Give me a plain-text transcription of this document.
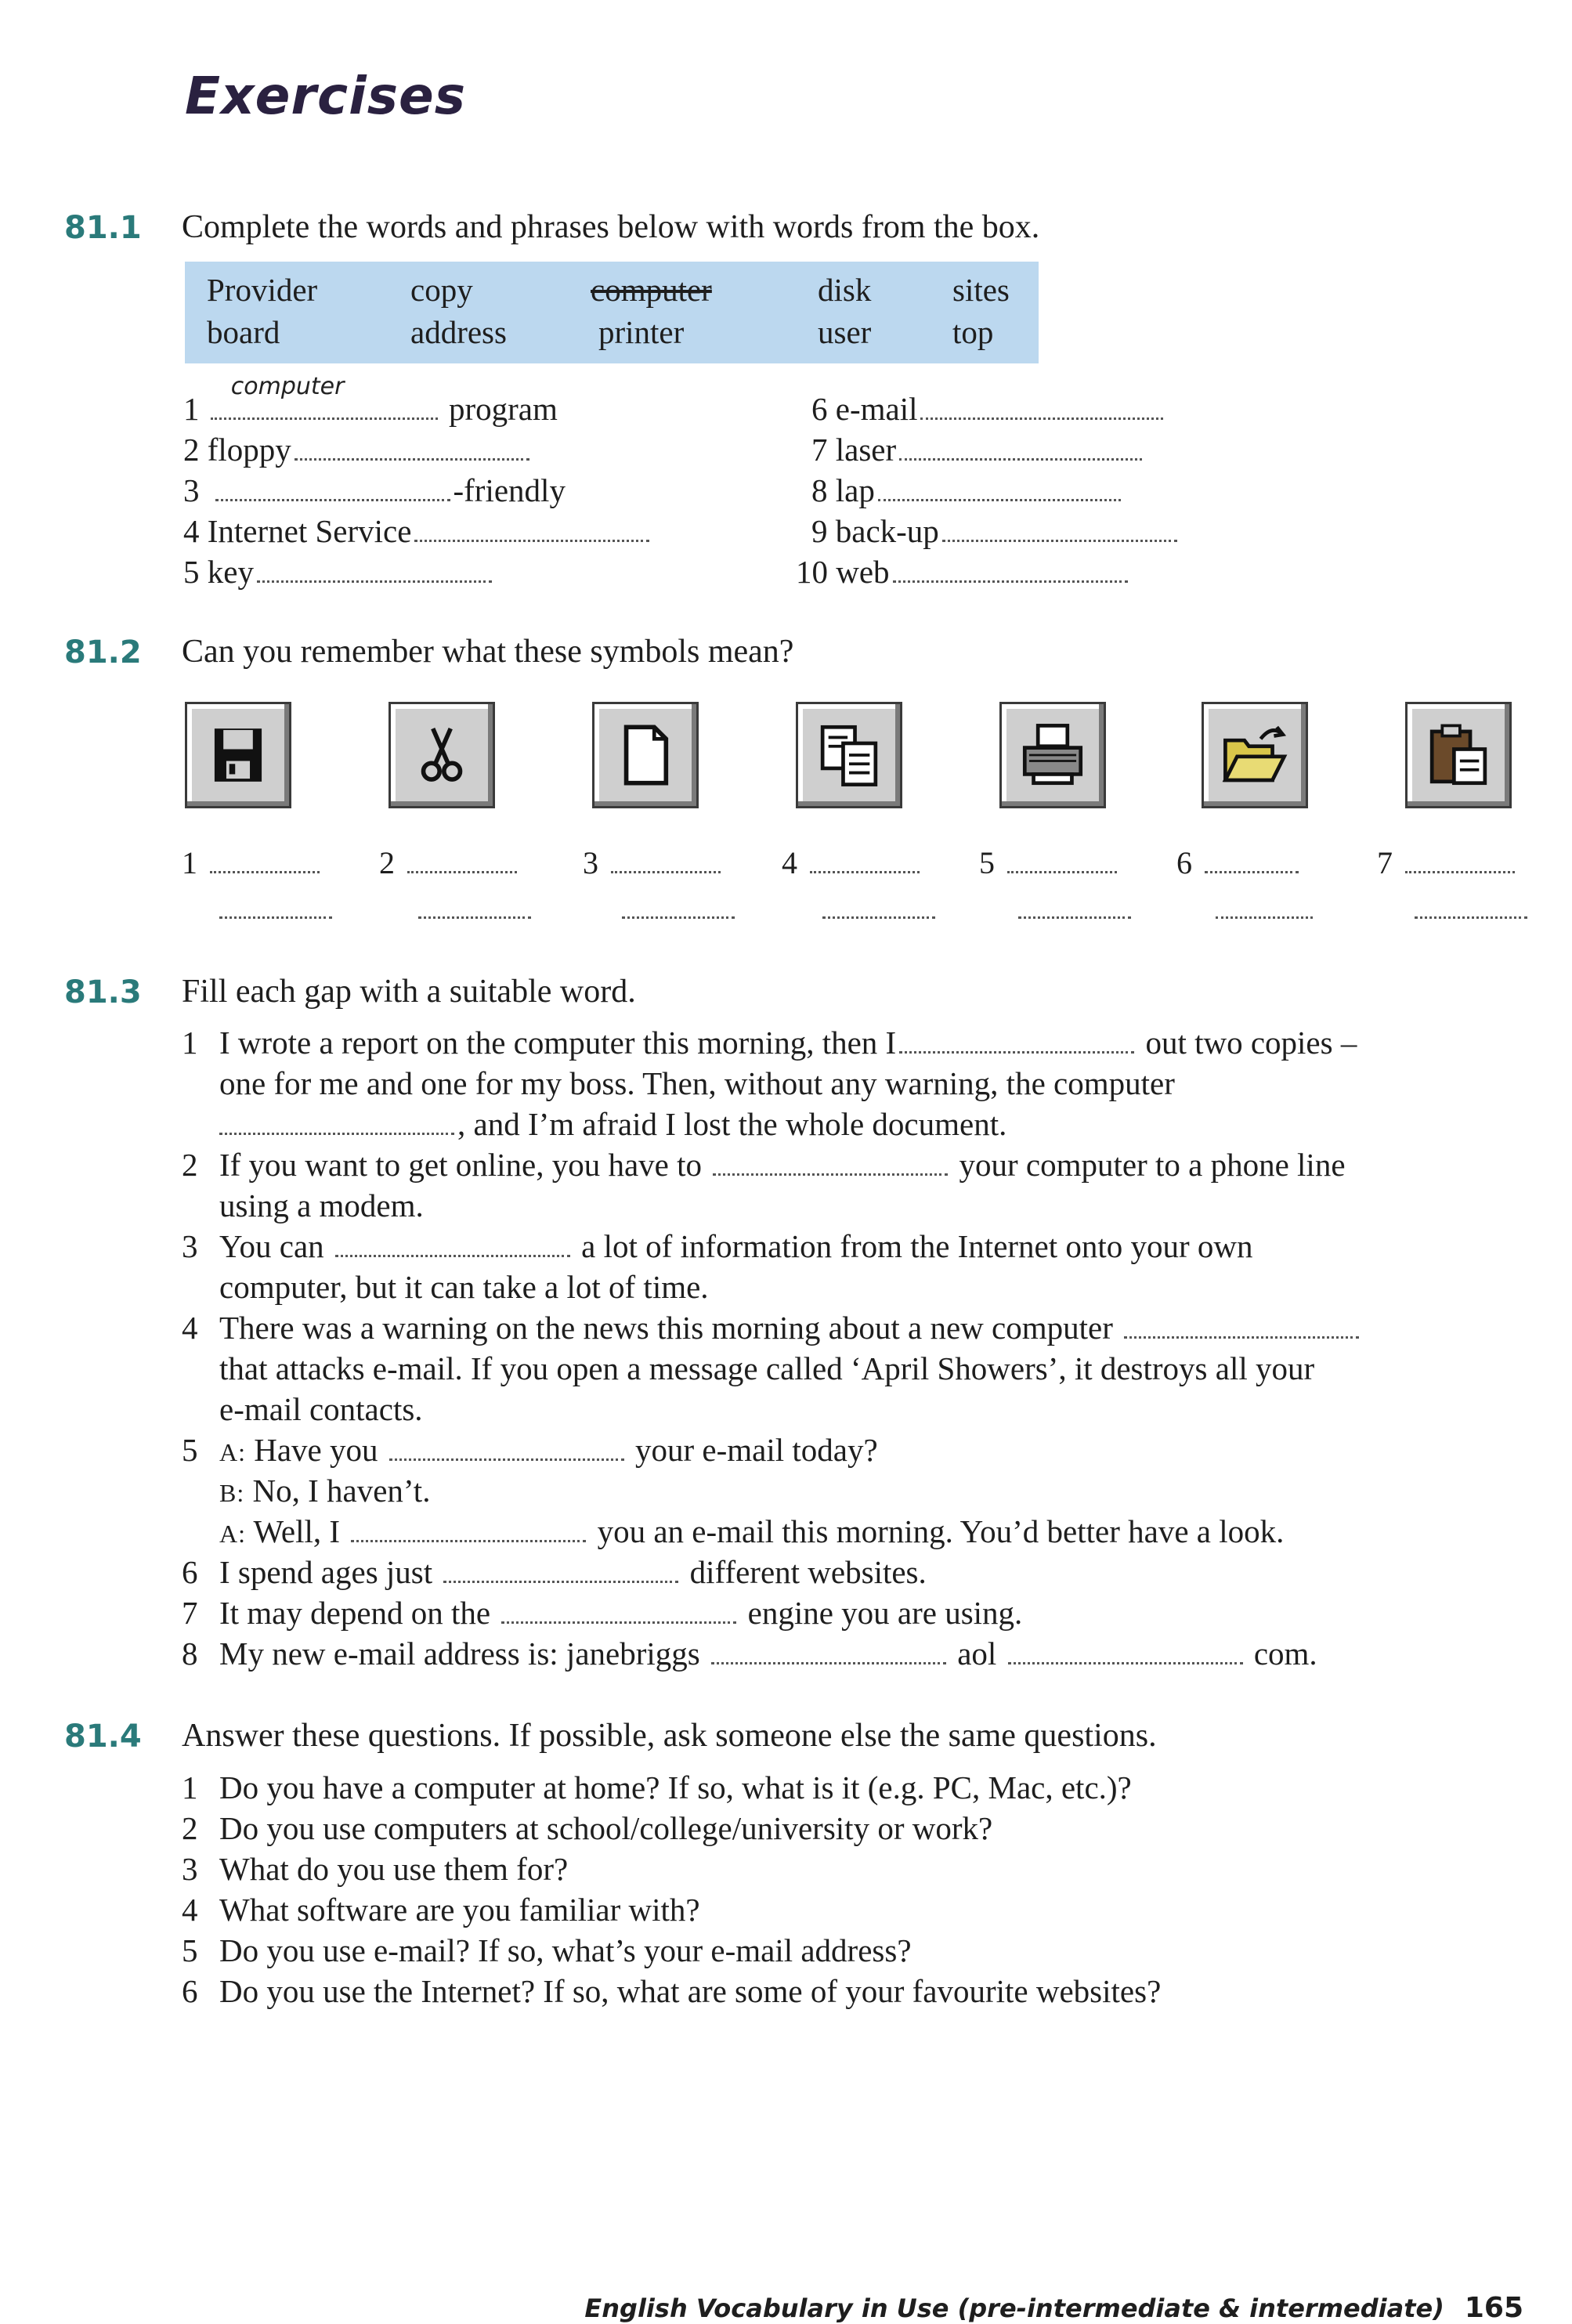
Exercises
81.1 Complete the words and phrases below with words from the box.
Provider	copy	computer	disk	sites
board	address	printer	user	top
1
computer
program
2 floppy
3	-friendly
4 Internet Service
5 key
6 e-mail
7 laser
8 lap
9 back-up
10 web
81.2 Can you remember what these symbols mean?
1	2	3	4	5	6	7
81.3 Fill each gap with a suitable word.
1 I wrote a report on the computer this morning, then I	out two copies –
one for me and one for my boss. Then, without any warning, the computer
, and I’m afraid I lost the whole document.
2 If you want to get online, you have to	your computer to a phone line
using a modem.
3 You can	a lot of information from the Internet onto your own
computer, but it can take a lot of time.
4 There was a warning on the news this morning about a new computer
that attacks e-mail. If you open a message called ‘April Showers’, it destroys all your
e-mail contacts.
5 A: Have you	your e-mail today?
B: No, I haven’t.
A: Well, I	you an e-mail this morning. You’d better have a look.
6 I spend ages just	different websites.
7 It may depend on the	engine you are using.
8 My new e-mail address is: janebriggs	aol	com.
81.4 Answer these questions. If possible, ask someone else the same questions.
1 Do you have a computer at home? If so, what is it (e.g. PC, Mac, etc.)?
2 Do you use computers at school/college/university or work?
3 What do you use them for?
4 What software are you familiar with?
5 Do you use e-mail? If so, what’s your e-mail address?
6 Do you use the Internet? If so, what are some of your favourite websites?
English Vocabulary in Use (pre-intermediate & intermediate) 165
